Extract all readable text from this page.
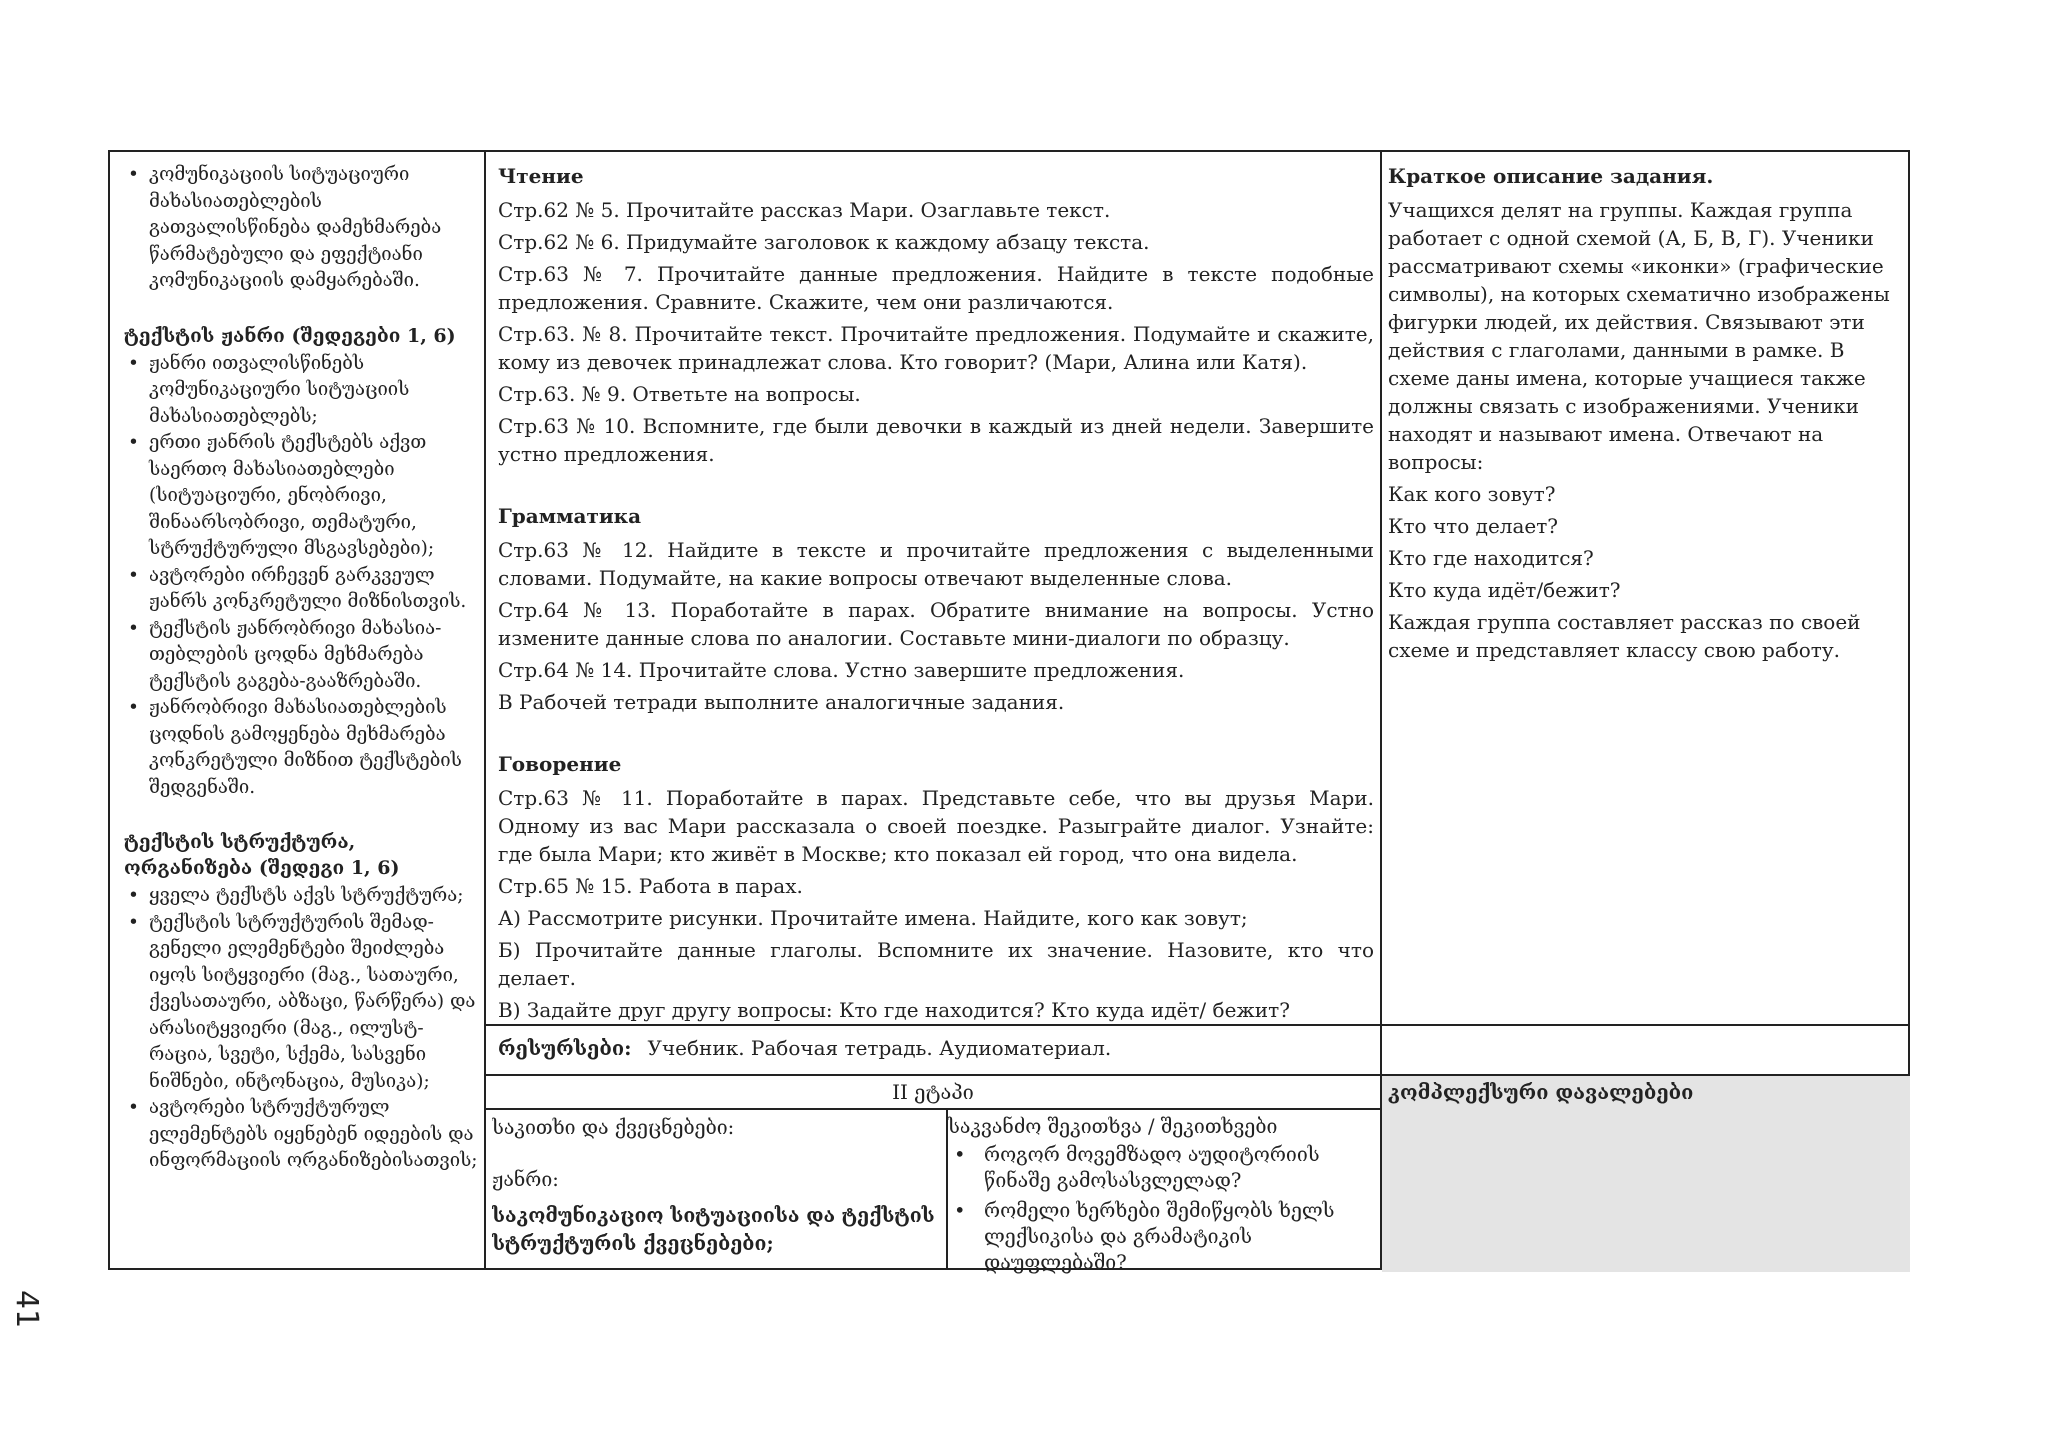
• კომუნიკაციის სიტუაციური მახასიათებლების გათვალისწინება დამეხმარება წარმატებული და ეფექტიანი კომუნიკაციის დამყარებაში.
ტექსტის ჟანრი (შედეგები 1, 6)
• ჟანრი ითვალისწინებს კომუნიკაციური სიტუაციის მახასიათებლებს;
• ერთი ჟანრის ტექსტებს აქვთ საერთო მახასიათებლები (სიტუაციური, ენობრივი, შინაარსობრივი, თემატური, სტრუქტურული მსგავსებები);
• ავტორები ირჩევენ გარკვეულ ჟანრს კონკრეტული მიზნისთვის.
• ტექსტის ჟანრობრივი მახასია-თებლების ცოდნა მეხმარება ტექსტის გაგება-გააზრებაში.
• ჟანრობრივი მახასიათებლების ცოდნის გამოყენება მეხმარება კონკრეტული მიზნით ტექსტების შედგენაში.
ტექსტის სტრუქტურა, ორგანიზება (შედეგი 1, 6)
• ყველა ტექსტს აქვს სტრუქტურა;
• ტექსტის სტრუქტურის შემად-გენელი ელემენტები შეიძლება იყოს სიტყვიერი (მაგ., სათაური, ქვესათაური, აბზაცი, წარწერა) და არასიტყვიერი (მაგ., ილუსტ-რაცია, სვეტი, სქემა, სასვენი ნიშნები, ინტონაცია, მუსიკა);
• ავტორები სტრუქტურულ ელემენტებს იყენებენ იდეების და ინფორმაციის ორგანიზებისათვის;
Чтение

Стр.62 № 5. Прочитайте рассказ Мари. Озаглавьте текст.

Стр.62 № 6. Придумайте заголовок к каждому абзацу текста.

Стр.63 № 7. Прочитайте данные предложения. Найдите в тексте подобные предложения. Сравните. Скажите, чем они различаются.

Стр.63. № 8. Прочитайте текст. Прочитайте предложения. Подумайте и скажите, кому из девочек принадлежат слова. Кто говорит? (Мари, Алина или Катя).

Стр.63. № 9. Ответьте на вопросы.

Стр.63 № 10. Вспомните, где были девочки в каждый из дней недели. Завершите устно предложения.

Грамматика

Стр.63 № 12. Найдите в тексте и прочитайте предложения с выделенными словами. Подумайте, на какие вопросы отвечают выделенные слова.

Стр.64 № 13. Поработайте в парах. Обратите внимание на вопросы. Устно измените данные слова по аналогии. Составьте мини-диалоги по образцу.

Стр.64 № 14. Прочитайте слова. Устно завершите предложения.

В Рабочей тетради выполните аналогичные задания.

Говорение

Стр.63 № 11. Поработайте в парах. Представьте себе, что вы друзья Мари. Одному из вас Мари рассказала о своей поездке. Разыграйте диалог. Узнайте: где была Мари; кто живёт в Москве; кто показал ей город, что она видела.

Стр.65 № 15. Работа в парах.

А) Рассмотрите рисунки. Прочитайте имена. Найдите, кого как зовут;

Б) Прочитайте данные глаголы. Вспомните их значение. Назовите, кто что делает.

В) Задайте друг другу вопросы: Кто где находится? Кто куда идёт/ бежит?

Краткое описание задания.

Учащихся делят на группы. Каждая группа работает с одной схемой (А, Б, В, Г). Ученики рассматривают схемы «иконки» (графические символы), на которых схематично изображены фигурки людей, их действия. Связывают эти действия с глаголами, данными в рамке. В схеме даны имена, которые учащиеся также должны связать с изображениями. Ученики находят и называют имена. Отвечают на вопросы:

Как кого зовут?

Кто что делает?

Кто где находится?

Кто куда идёт/бежит?

Каждая группа составляет рассказ по своей схеме и представляет классу свою работу.

რესურსები: Учебник. Рабочая тетрадь. Аудиоматериал.
II ეტაპი	კომპლექსური დავალებები

საკითხი და ქვეცნებები:

ჟანრი:

საკომუნიკაციო სიტუაციისა და ტექსტის სტრუქტურის ქვეცნებები;

საკვანძო შეკითხვა / შეკითხვები
• როგორ მოვემზადო აუდიტორიის წინაშე გამოსასვლელად?
• რომელი ხერხები შემიწყობს ხელს ლექსიკისა და გრამატიკის დაუფლებაში?
41
